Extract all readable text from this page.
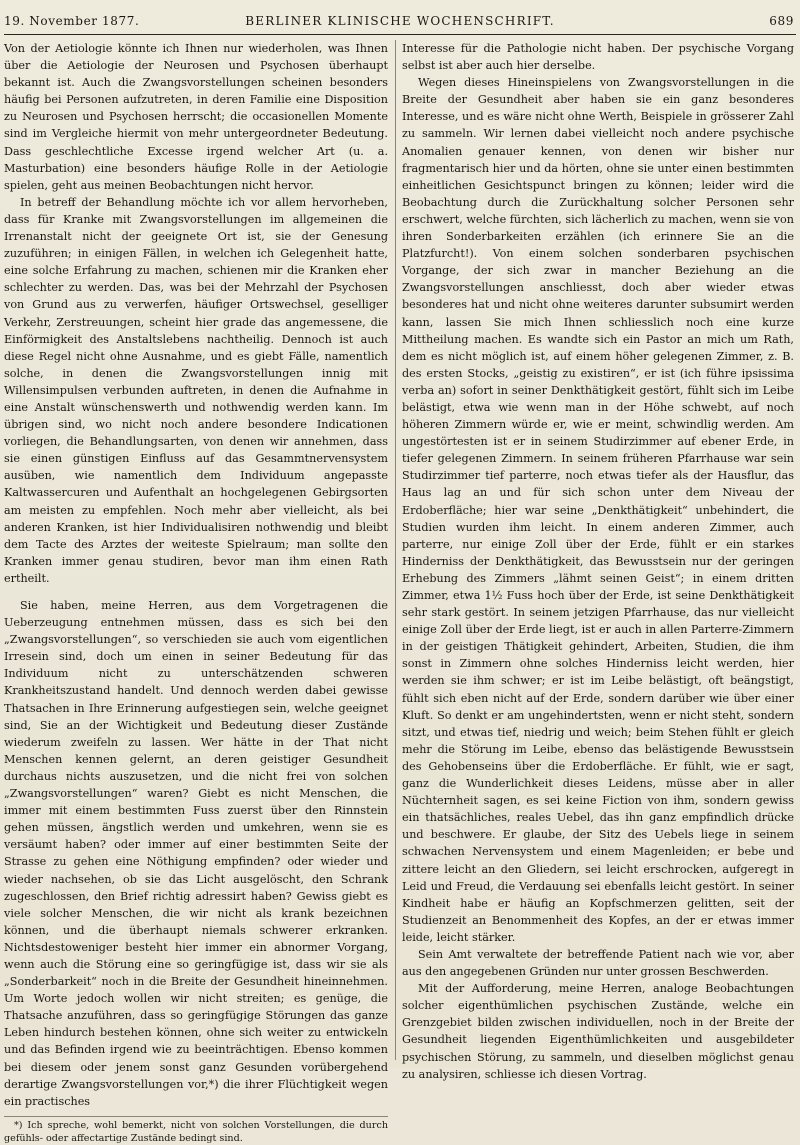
19. November 1877.	BERLINER KLINISCHE WOCHENSCHRIFT.	689

Von der Aetiologie könnte ich Ihnen nur wiederholen, was Ihnen über die Aetiologie der Neurosen und Psychosen überhaupt bekannt ist. Auch die Zwangsvorstellungen scheinen besonders häufig bei Personen aufzutreten, in deren Familie eine Disposition zu Neurosen und Psychosen herrscht; die occasionellen Momente sind im Vergleiche hiermit von mehr untergeordneter Bedeutung. Dass geschlechtliche Excesse irgend welcher Art (u. a. Masturbation) eine besonders häufige Rolle in der Aetiologie spielen, geht aus meinen Beobachtungen nicht hervor.

In betreff der Behandlung möchte ich vor allem hervorheben, dass für Kranke mit Zwangsvorstellungen im allgemeinen die Irrenanstalt nicht der geeignete Ort ist, sie der Genesung zuzuführen; in einigen Fällen, in welchen ich Gelegenheit hatte, eine solche Erfahrung zu machen, schienen mir die Kranken eher schlechter zu werden. Das, was bei der Mehrzahl der Psychosen von Grund aus zu verwerfen, häufiger Ortswechsel, geselliger Verkehr, Zerstreuungen, scheint hier grade das angemessene, die Einförmigkeit des Anstaltslebens nachtheilig. Dennoch ist auch diese Regel nicht ohne Ausnahme, und es giebt Fälle, namentlich solche, in denen die Zwangsvorstellungen innig mit Willensimpulsen verbunden auftreten, in denen die Aufnahme in eine Anstalt wünschenswerth und nothwendig werden kann. Im übrigen sind, wo nicht noch andere besondere Indicationen vorliegen, die Behandlungsarten, von denen wir annehmen, dass sie einen günstigen Einfluss auf das Gesammtnervensystem ausüben, wie namentlich dem Individuum angepasste Kaltwassercuren und Aufenthalt an hochgelegenen Gebirgsorten am meisten zu empfehlen. Noch mehr aber vielleicht, als bei anderen Kranken, ist hier Individualisiren nothwendig und bleibt dem Tacte des Arztes der weiteste Spielraum; man sollte den Kranken immer genau studiren, bevor man ihm einen Rath ertheilt.

Sie haben, meine Herren, aus dem Vorgetragenen die Ueberzeugung entnehmen müssen, dass es sich bei den „Zwangsvorstellungen“, so verschieden sie auch vom eigentlichen Irresein sind, doch um einen in seiner Bedeutung für das Individuum nicht zu unterschätzenden schweren Krankheitszustand handelt. Und dennoch werden dabei gewisse Thatsachen in Ihre Erinnerung aufgestiegen sein, welche geeignet sind, Sie an der Wichtigkeit und Bedeutung dieser Zustände wiederum zweifeln zu lassen. Wer hätte in der That nicht Menschen kennen gelernt, an deren geistiger Gesundheit durchaus nichts auszusetzen, und die nicht frei von solchen „Zwangsvorstellungen“ waren? Giebt es nicht Menschen, die immer mit einem bestimmten Fuss zuerst über den Rinnstein gehen müssen, ängstlich werden und umkehren, wenn sie es versäumt haben? oder immer auf einer bestimmten Seite der Strasse zu gehen eine Nöthigung empfinden? oder wieder und wieder nachsehen, ob sie das Licht ausgelöscht, den Schrank zugeschlossen, den Brief richtig adressirt haben? Gewiss giebt es viele solcher Menschen, die wir nicht als krank bezeichnen können, und die überhaupt niemals schwerer erkranken. Nichtsdestoweniger besteht hier immer ein abnormer Vorgang, wenn auch die Störung eine so geringfügige ist, dass wir sie als „Sonderbarkeit“ noch in die Breite der Gesundheit hineinnehmen. Um Worte jedoch wollen wir nicht streiten; es genüge, die Thatsache anzuführen, dass so geringfügige Störungen das ganze Leben hindurch bestehen können, ohne sich weiter zu entwickeln und das Befinden irgend wie zu beeinträchtigen. Ebenso kommen bei diesem oder jenem sonst ganz Gesunden vorübergehend derartige Zwangsvorstellungen vor,*) die ihrer Flüchtigkeit wegen ein practisches

*) Ich spreche, wohl bemerkt, nicht von solchen Vorstellungen, die durch gefühls- oder affectartige Zustände bedingt sind.

Interesse für die Pathologie nicht haben. Der psychische Vorgang selbst ist aber auch hier derselbe.

Wegen dieses Hineinspielens von Zwangsvorstellungen in die Breite der Gesundheit aber haben sie ein ganz besonderes Interesse, und es wäre nicht ohne Werth, Beispiele in grösserer Zahl zu sammeln. Wir lernen dabei vielleicht noch andere psychische Anomalien genauer kennen, von denen wir bisher nur fragmentarisch hier und da hörten, ohne sie unter einen bestimmten einheitlichen Gesichtspunct bringen zu können; leider wird die Beobachtung durch die Zurückhaltung solcher Personen sehr erschwert, welche fürchten, sich lächerlich zu machen, wenn sie von ihren Sonderbarkeiten erzählen (ich erinnere Sie an die Platzfurcht!). Von einem solchen sonderbaren psychischen Vorgange, der sich zwar in mancher Beziehung an die Zwangsvorstellungen anschliesst, doch aber wieder etwas besonderes hat und nicht ohne weiteres darunter subsumirt werden kann, lassen Sie mich Ihnen schliesslich noch eine kurze Mittheilung machen. Es wandte sich ein Pastor an mich um Rath, dem es nicht möglich ist, auf einem höher gelegenen Zimmer, z. B. des ersten Stocks, „geistig zu existiren“, er ist (ich führe ipsissima verba an) sofort in seiner Denkthätigkeit gestört, fühlt sich im Leibe belästigt, etwa wie wenn man in der Höhe schwebt, auf noch höheren Zimmern würde er, wie er meint, schwindlig werden. Am ungestörtesten ist er in seinem Studirzimmer auf ebener Erde, in tiefer gelegenen Zimmern. In seinem früheren Pfarrhause war sein Studirzimmer tief parterre, noch etwas tiefer als der Hausflur, das Haus lag an und für sich schon unter dem Niveau der Erdoberfläche; hier war seine „Denkthätigkeit“ unbehindert, die Studien wurden ihm leicht. In einem anderen Zimmer, auch parterre, nur einige Zoll über der Erde, fühlt er ein starkes Hinderniss der Denkthätigkeit, das Bewusstsein nur der geringen Erhebung des Zimmers „lähmt seinen Geist“; in einem dritten Zimmer, etwa 1½ Fuss hoch über der Erde, ist seine Denkthätigkeit sehr stark gestört. In seinem jetzigen Pfarrhause, das nur vielleicht einige Zoll über der Erde liegt, ist er auch in allen Parterre-Zimmern in der geistigen Thätigkeit gehindert, Arbeiten, Studien, die ihm sonst in Zimmern ohne solches Hinderniss leicht werden, hier werden sie ihm schwer; er ist im Leibe belästigt, oft beängstigt, fühlt sich eben nicht auf der Erde, sondern darüber wie über einer Kluft. So denkt er am ungehindertsten, wenn er nicht steht, sondern sitzt, und etwas tief, niedrig und weich; beim Stehen fühlt er gleich mehr die Störung im Leibe, ebenso das belästigende Bewusstsein des Gehobenseins über die Erdoberfläche. Er fühlt, wie er sagt, ganz die Wunderlichkeit dieses Leidens, müsse aber in aller Nüchternheit sagen, es sei keine Fiction von ihm, sondern gewiss ein thatsächliches, reales Uebel, das ihn ganz empfindlich drücke und beschwere. Er glaube, der Sitz des Uebels liege in seinem schwachen Nervensystem und einem Magenleiden; er bebe und zittere leicht an den Gliedern, sei leicht erschrocken, aufgeregt in Leid und Freud, die Verdauung sei ebenfalls leicht gestört. In seiner Kindheit habe er häufig an Kopfschmerzen gelitten, seit der Studienzeit an Benommenheit des Kopfes, an der er etwas immer leide, leicht stärker.

Sein Amt verwaltete der betreffende Patient nach wie vor, aber aus den angegebenen Gründen nur unter grossen Beschwerden.

Mit der Aufforderung, meine Herren, analoge Beobachtungen solcher eigenthümlichen psychischen Zustände, welche ein Grenzgebiet bilden zwischen individuellen, noch in der Breite der Gesundheit liegenden Eigenthümlichkeiten und ausgebildeter psychischen Störung, zu sammeln, und dieselben möglichst genau zu analysiren, schliesse ich diesen Vortrag.
